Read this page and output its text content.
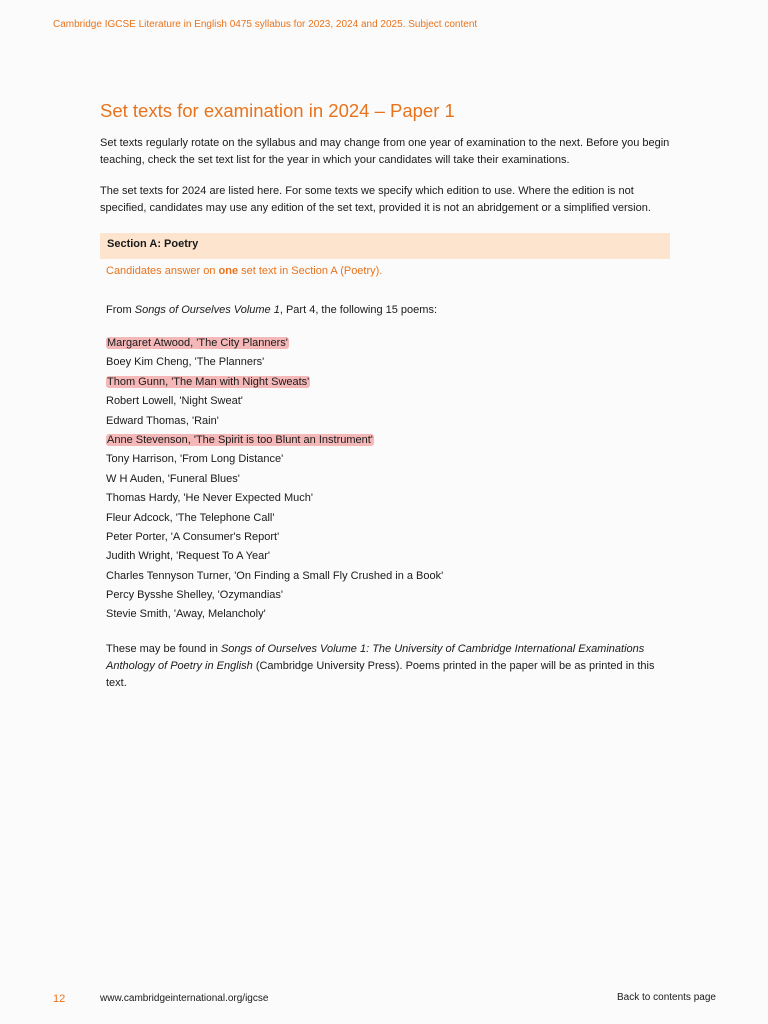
Cambridge IGCSE Literature in English 0475 syllabus for 2023, 2024 and 2025. Subject content
Set texts for examination in 2024 – Paper 1

Set texts regularly rotate on the syllabus and may change from one year of examination to the next. Before you begin teaching, check the set text list for the year in which your candidates will take their examinations.

The set texts for 2024 are listed here. For some texts we specify which edition to use. Where the edition is not specified, candidates may use any edition of the set text, provided it is not an abridgement or a simplified version.

Section A: Poetry
Candidates answer on one set text in Section A (Poetry).
From Songs of Ourselves Volume 1, Part 4, the following 15 poems:
Margaret Atwood, 'The City Planners'
Boey Kim Cheng, 'The Planners'
Thom Gunn, 'The Man with Night Sweats'
Robert Lowell, 'Night Sweat'
Edward Thomas, 'Rain'
Anne Stevenson, 'The Spirit is too Blunt an Instrument'
Tony Harrison, 'From Long Distance'
W H Auden, 'Funeral Blues'
Thomas Hardy, 'He Never Expected Much'
Fleur Adcock, 'The Telephone Call'
Peter Porter, 'A Consumer's Report'
Judith Wright, 'Request To A Year'
Charles Tennyson Turner, 'On Finding a Small Fly Crushed in a Book'
Percy Bysshe Shelley, 'Ozymandias'
Stevie Smith, 'Away, Melancholy'

These may be found in Songs of Ourselves Volume 1: The University of Cambridge International Examinations Anthology of Poetry in English (Cambridge University Press). Poems printed in the paper will be as printed in this text.

12	www.cambridgeinternational.org/igcse	Back to contents page
